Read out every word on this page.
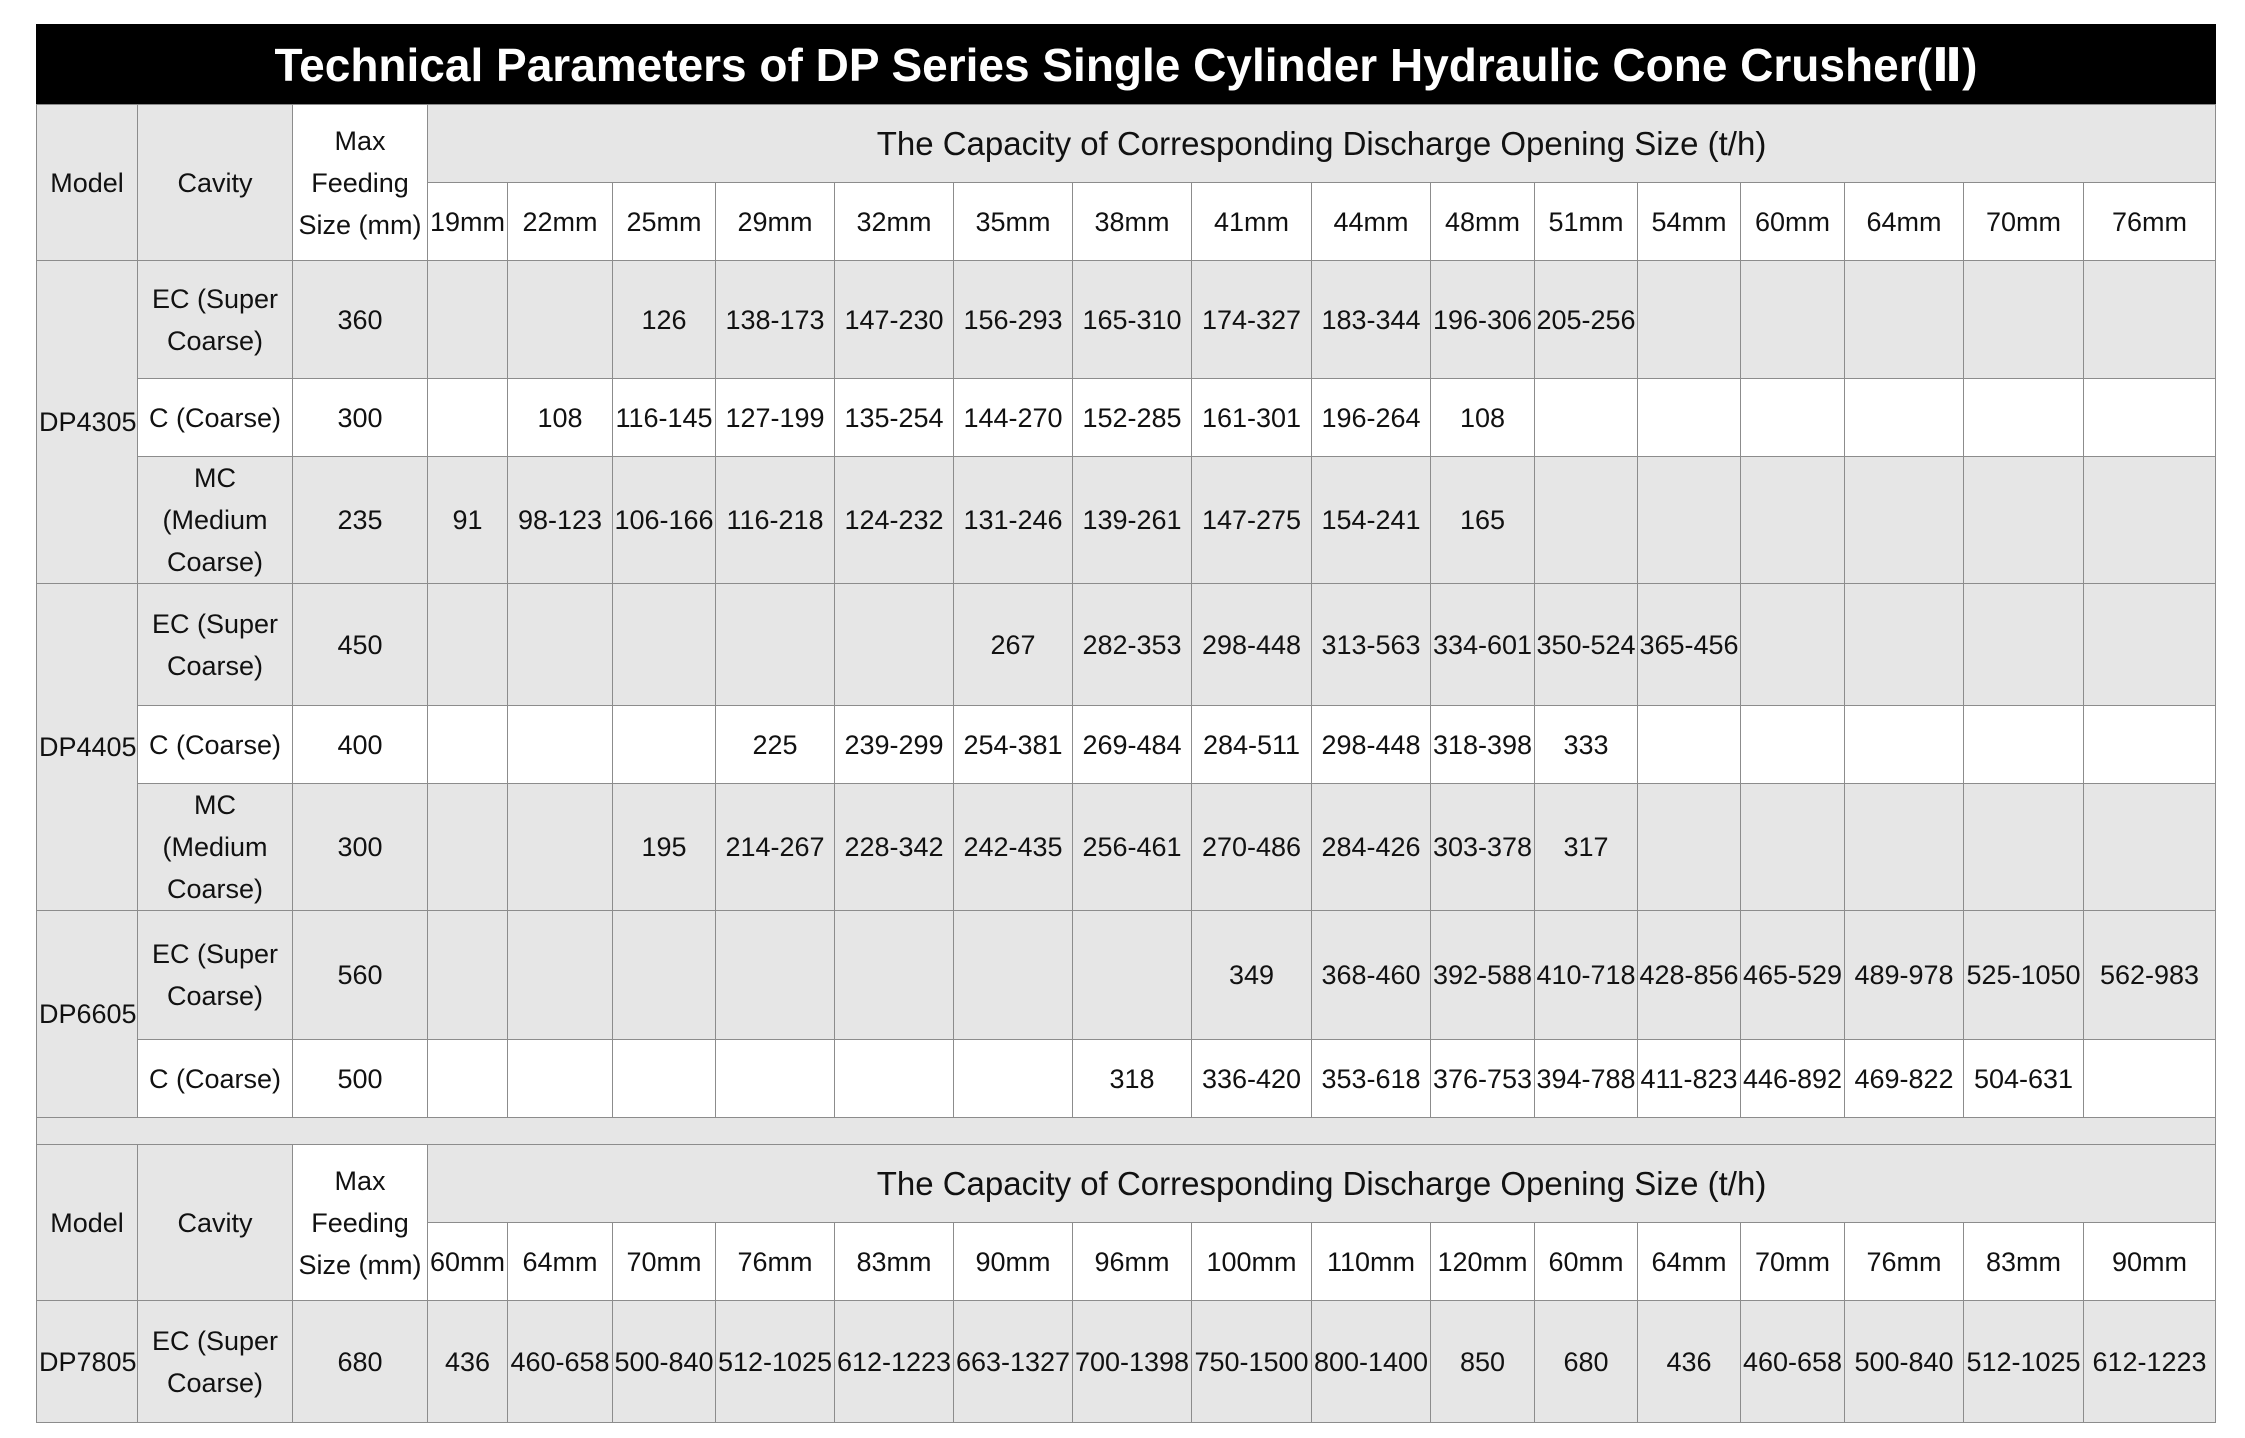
Technical Parameters of DP Series Single Cylinder Hydraulic Cone Crusher(Ⅱ)
Model	Cavity	Max Feeding Size (mm)	The Capacity of Corresponding Discharge Opening Size (t/h)															
			19mm	22mm	25mm	29mm	32mm	35mm	38mm	41mm	44mm	48mm	51mm	54mm	60mm	64mm	70mm	76mm
DP4305	EC (Super Coarse)	360			126	138-173	147-230	156-293	165-310	174-327	183-344	196-306	205-256					
	C (Coarse)	300		108	116-145	127-199	135-254	144-270	152-285	161-301	196-264	108						
	MC (Medium Coarse)	235	91	98-123	106-166	116-218	124-232	131-246	139-261	147-275	154-241	165						
DP4405	EC (Super Coarse)	450						267	282-353	298-448	313-563	334-601	350-524	365-456				
	C (Coarse)	400				225	239-299	254-381	269-484	284-511	298-448	318-398	333					
	MC (Medium Coarse)	300			195	214-267	228-342	242-435	256-461	270-486	284-426	303-378	317					
DP6605	EC (Super Coarse)	560								349	368-460	392-588	410-718	428-856	465-529	489-978	525-1050	562-983
	C (Coarse)	500							318	336-420	353-618	376-753	394-788	411-823	446-892	469-822	504-631	
Model	Cavity	Max Feeding Size (mm)	The Capacity of Corresponding Discharge Opening Size (t/h)															
			60mm	64mm	70mm	76mm	83mm	90mm	96mm	100mm	110mm	120mm	60mm	64mm	70mm	76mm	83mm	90mm
DP7805	EC (Super Coarse)	680	436	460-658	500-840	512-1025	612-1223	663-1327	700-1398	750-1500	800-1400	850	680	436	460-658	500-840	512-1025	612-1223
